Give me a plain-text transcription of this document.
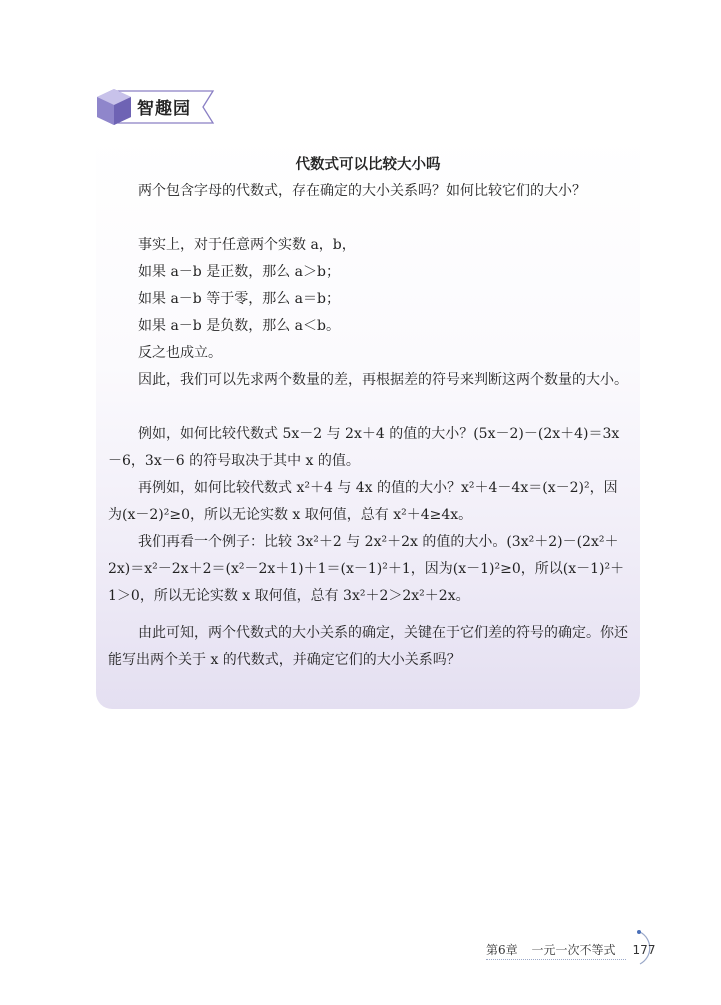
智趣园
代数式可以比较大小吗
两个包含字母的代数式，存在确定的大小关系吗？如何比较它们的大小？
事实上，对于任意两个实数 a，b，
如果 a－b 是正数，那么 a＞b；
如果 a－b 等于零，那么 a＝b；
如果 a－b 是负数，那么 a＜b。
反之也成立。
因此，我们可以先求两个数量的差，再根据差的符号来判断这两个数量的大小。
例如，如何比较代数式 5x－2 与 2x＋4 的值的大小？(5x－2)－(2x＋4)＝3x－6，3x－6 的符号取决于其中 x 的值。
再例如，如何比较代数式 x²＋4 与 4x 的值的大小？x²＋4－4x＝(x－2)²，因为(x－2)²≥0，所以无论实数 x 取何值，总有 x²＋4≥4x。
我们再看一个例子：比较 3x²＋2 与 2x²＋2x 的值的大小。(3x²＋2)－(2x²＋2x)＝x²－2x＋2＝(x²－2x＋1)＋1＝(x－1)²＋1，因为(x－1)²≥0，所以(x－1)²＋1＞0，所以无论实数 x 取何值，总有 3x²＋2＞2x²＋2x。
由此可知，两个代数式的大小关系的确定，关键在于它们差的符号的确定。你还能写出两个关于 x 的代数式，并确定它们的大小关系吗？
第6章 一元一次不等式 177
